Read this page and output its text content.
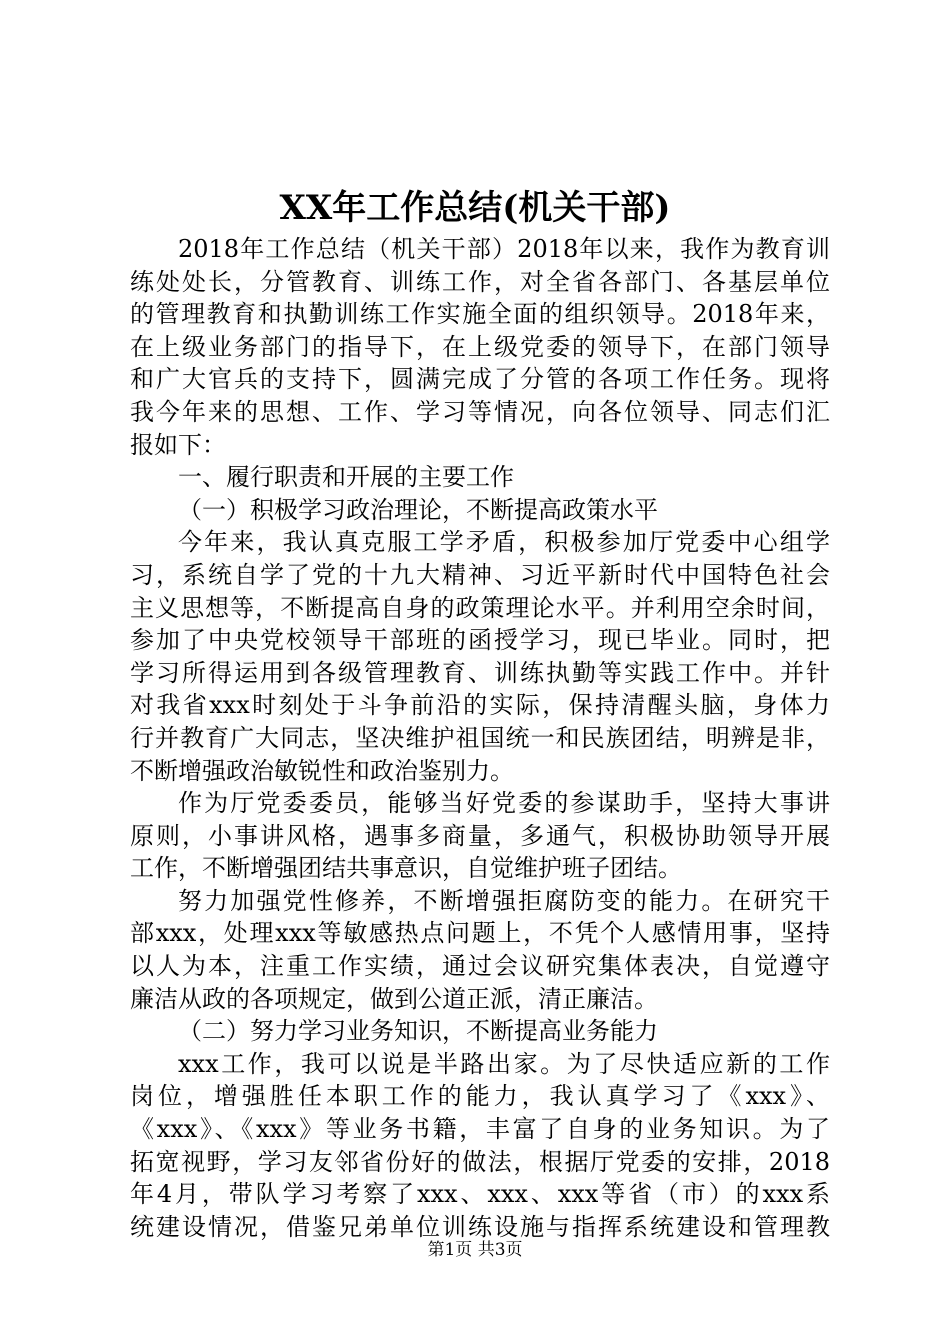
XX年工作总结(机关干部)
2018年工作总结（机关干部）2018年以来，我作为教育训
练处处长，分管教育、训练工作，对全省各部门、各基层单位
的管理教育和执勤训练工作实施全面的组织领导。2018年来，
在上级业务部门的指导下，在上级党委的领导下，在部门领导
和广大官兵的支持下，圆满完成了分管的各项工作任务。现将
我今年来的思想、工作、学习等情况，向各位领导、同志们汇
报如下：
一、履行职责和开展的主要工作
（一）积极学习政治理论，不断提高政策水平
今年来，我认真克服工学矛盾，积极参加厅党委中心组学
习，系统自学了党的十九大精神、习近平新时代中国特色社会
主义思想等，不断提高自身的政策理论水平。并利用空余时间，
参加了中央党校领导干部班的函授学习，现已毕业。同时，把
学习所得运用到各级管理教育、训练执勤等实践工作中。并针
对我省xxx时刻处于斗争前沿的实际，保持清醒头脑，身体力
行并教育广大同志，坚决维护祖国统一和民族团结，明辨是非，
不断增强政治敏锐性和政治鉴别力。
作为厅党委委员，能够当好党委的参谋助手，坚持大事讲
原则，小事讲风格，遇事多商量，多通气，积极协助领导开展
工作，不断增强团结共事意识，自觉维护班子团结。
努力加强党性修养，不断增强拒腐防变的能力。在研究干
部xxx，处理xxx等敏感热点问题上，不凭个人感情用事，坚持
以人为本，注重工作实绩，通过会议研究集体表决，自觉遵守
廉洁从政的各项规定，做到公道正派，清正廉洁。
（二）努力学习业务知识，不断提高业务能力
xxx工作，我可以说是半路出家。为了尽快适应新的工作
岗位，增强胜任本职工作的能力，我认真学习了《xxx》、
《xxx》、《xxx》等业务书籍，丰富了自身的业务知识。为了
拓宽视野，学习友邻省份好的做法，根据厅党委的安排，2018
年4月，带队学习考察了xxx、xxx、xxx等省（市）的xxx系
统建设情况，借鉴兄弟单位训练设施与指挥系统建设和管理教
第1页 共3页
